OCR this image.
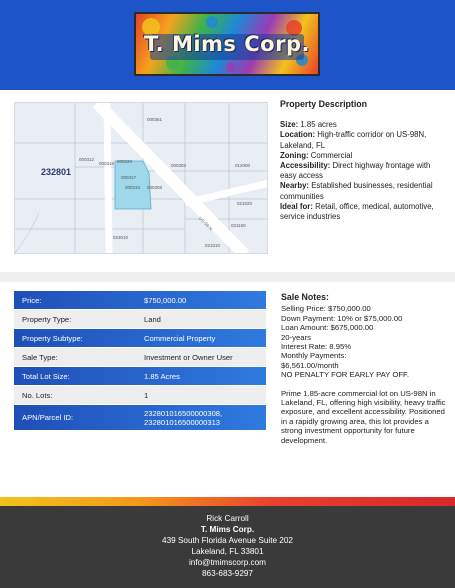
T. Mims Corp.
232801
000361
000312	000020
000316
000310 000308
000317
000303	012000
023010
021160
021010
021020
US-98 N
Property Description
Size: 1.85 acres
Location: High-traffic corridor on US-98N, Lakeland, FL
Zoning: Commercial
Accessibility: Direct highway frontage with easy access
Nearby: Established businesses, residential communities
Ideal for: Retail, office, medical, automotive, service industries
Price:	$750,000.00
Property Type:	Land
Property Subtype:	Commercial Property
Sale Type:	Investment or Owner User
Total Lot Size:	1.85 Acres
No. Lots:	1
APN/Parcel ID:	232801016500000308, 232801016500000313
Sale Notes:

Selling Price: $750,000.00

Down Payment: 10% or $75,000.00

Loan Amount: $675,000.00

20-years

Interest Rate: 8.95%

Monthly Payments:

$6,561.00/month

NO PENALTY FOR EARLY PAY OFF.

Prime 1.85-acre commercial lot on US-98N in Lakeland, FL, offering high visibility, heavy traffic exposure, and excellent accessibility. Positioned in a rapidly growing area, this lot provides a strong investment opportunity for future development.

Rick Carroll
T. Mims Corp.
439 South Florida Avenue Suite 202
Lakeland, FL 33801
info@tmimscorp.com
863-683-9297
